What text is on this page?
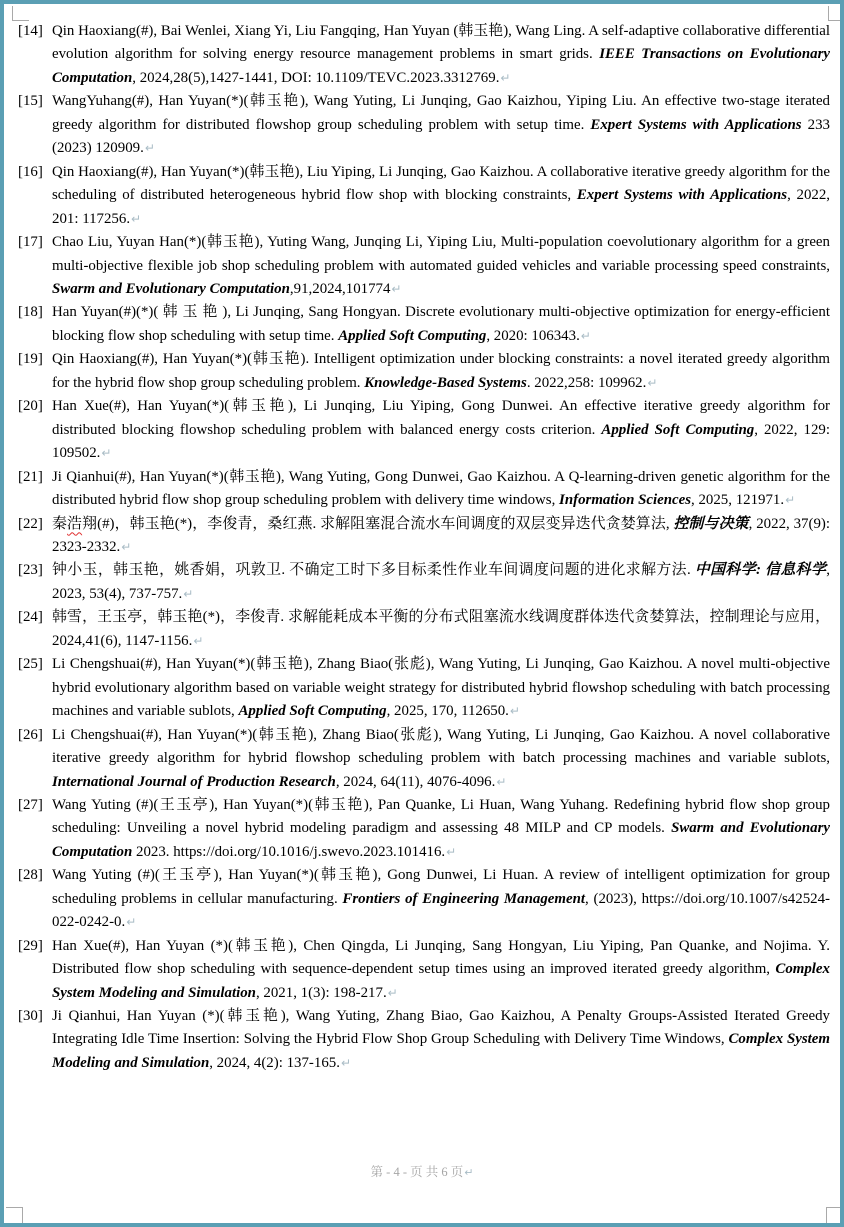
[14] Qin Haoxiang(#), Bai Wenlei, Xiang Yi, Liu Fangqing, Han Yuyan (韩玉艳), Wang Ling. A self-adaptive collaborative differential evolution algorithm for solving energy resource management problems in smart grids. IEEE Transactions on Evolutionary Computation, 2024,28(5),1427-1441, DOI: 10.1109/TEVC.2023.3312769.↵
[15] WangYuhang(#), Han Yuyan(*)(韩玉艳), Wang Yuting, Li Junqing, Gao Kaizhou, Yiping Liu. An effective two-stage iterated greedy algorithm for distributed flowshop group scheduling problem with setup time. Expert Systems with Applications 233 (2023) 120909.↵
[16] Qin Haoxiang(#), Han Yuyan(*)(韩玉艳), Liu Yiping, Li Junqing, Gao Kaizhou. A collaborative iterative greedy algorithm for the scheduling of distributed heterogeneous hybrid flow shop with blocking constraints, Expert Systems with Applications, 2022, 201: 117256.↵
[17] Chao Liu, Yuyan Han(*)(韩玉艳), Yuting Wang, Junqing Li, Yiping Liu, Multi-population coevolutionary algorithm for a green multi-objective flexible job shop scheduling problem with automated guided vehicles and variable processing speed constraints, Swarm and Evolutionary Computation,91,2024,101774↵
[18] Han Yuyan(#)(*)( 韩 玉 艳 ), Li Junqing, Sang Hongyan. Discrete evolutionary multi-objective optimization for energy-efficient blocking flow shop scheduling with setup time. Applied Soft Computing, 2020: 106343.↵
[19] Qin Haoxiang(#), Han Yuyan(*)(韩玉艳). Intelligent optimization under blocking constraints: a novel iterated greedy algorithm for the hybrid flow shop group scheduling problem. Knowledge-Based Systems. 2022,258: 109962.↵
[20] Han Xue(#), Han Yuyan(*)(韩玉艳), Li Junqing, Liu Yiping, Gong Dunwei. An effective iterative greedy algorithm for distributed blocking flowshop scheduling problem with balanced energy costs criterion. Applied Soft Computing, 2022, 129: 109502.↵
[21] Ji Qianhui(#), Han Yuyan(*)(韩玉艳), Wang Yuting, Gong Dunwei, Gao Kaizhou. A Q-learning-driven genetic algorithm for the distributed hybrid flow shop group scheduling problem with delivery time windows, Information Sciences, 2025, 121971.↵
[22] 秦浩翔(#)，韩玉艳(*)，李俊青，桑红燕. 求解阻塞混合流水车间调度的双层变异迭代贪婪算法, 控制与决策, 2022, 37(9): 2323-2332.↵
[23] 钟小玉，韩玉艳，姚香娟，巩敦卫. 不确定工时下多目标柔性作业车间调度问题的进化求解方法. 中国科学: 信息科学, 2023, 53(4), 737-757.↵
[24] 韩雪，王玉亭，韩玉艳(*)，李俊青. 求解能耗成本平衡的分布式阻塞流水线调度群体迭代贪婪算法，控制理论与应用， 2024,41(6), 1147-1156.↵
[25] Li Chengshuai(#), Han Yuyan(*)(韩玉艳), Zhang Biao(张彪), Wang Yuting, Li Junqing, Gao Kaizhou. A novel multi-objective hybrid evolutionary algorithm based on variable weight strategy for distributed hybrid flowshop scheduling with batch processing machines and variable sublots, Applied Soft Computing, 2025, 170, 112650.↵
[26] Li Chengshuai(#), Han Yuyan(*)(韩玉艳), Zhang Biao(张彪), Wang Yuting, Li Junqing, Gao Kaizhou. A novel collaborative iterative greedy algorithm for hybrid flowshop scheduling problem with batch processing machines and variable sublots, International Journal of Production Research, 2024, 64(11), 4076-4096.↵
[27] Wang Yuting (#)(王玉亭), Han Yuyan(*)(韩玉艳), Pan Quanke, Li Huan, Wang Yuhang. Redefining hybrid flow shop group scheduling: Unveiling a novel hybrid modeling paradigm and assessing 48 MILP and CP models. Swarm and Evolutionary Computation 2023. https://doi.org/10.1016/j.swevo.2023.101416.↵
[28] Wang Yuting (#)(王玉亭), Han Yuyan(*)(韩玉艳), Gong Dunwei, Li Huan. A review of intelligent optimization for group scheduling problems in cellular manufacturing. Frontiers of Engineering Management, (2023), https://doi.org/10.1007/s42524-022-0242-0.↵
[29] Han Xue(#), Han Yuyan (*)(韩玉艳), Chen Qingda, Li Junqing, Sang Hongyan, Liu Yiping, Pan Quanke, and Nojima. Y. Distributed flow shop scheduling with sequence-dependent setup times using an improved iterated greedy algorithm, Complex System Modeling and Simulation, 2021, 1(3): 198-217.↵
[30] Ji Qianhui, Han Yuyan (*)(韩玉艳), Wang Yuting, Zhang Biao, Gao Kaizhou, A Penalty Groups-Assisted Iterated Greedy Integrating Idle Time Insertion: Solving the Hybrid Flow Shop Group Scheduling with Delivery Time Windows, Complex System Modeling and Simulation, 2024, 4(2): 137-165.↵
第 - 4 - 页 共 6 页↵
